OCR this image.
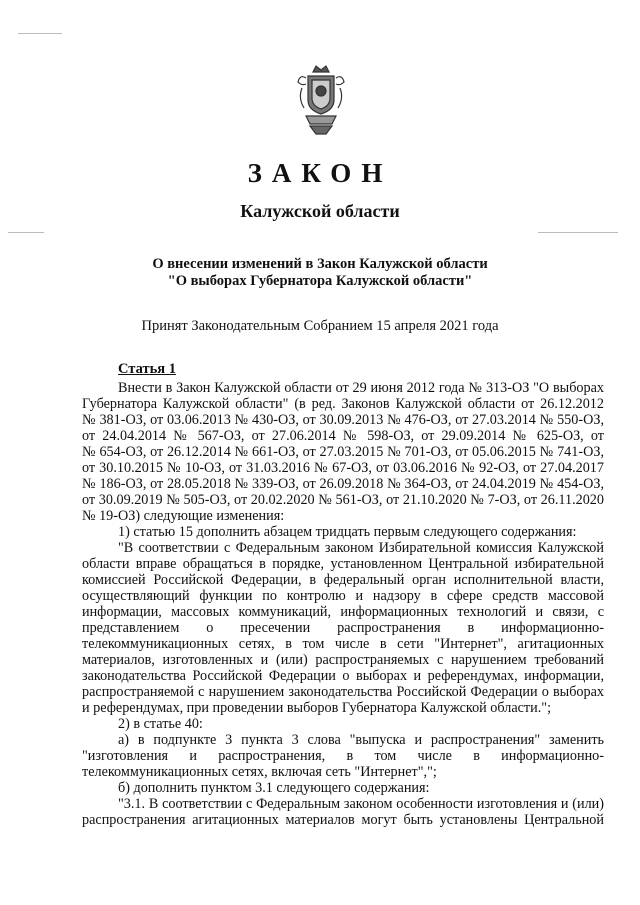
ЗАКОН
Калужской области
О внесении изменений в Закон Калужской области
"О выборах Губернатора Калужской области"
Принят Законодательным Собранием 15 апреля 2021 года
Статья 1
Внести в Закон Калужской области от 29 июня 2012 года № 313-ОЗ "О выборах
Губернатора Калужской области" (в ред. Законов Калужской области от 26.12.2012
№ 381-ОЗ, от 03.06.2013 № 430-ОЗ, от 30.09.2013 № 476-ОЗ, от 27.03.2014 № 550-ОЗ,
от 24.04.2014 № 567-ОЗ, от 27.06.2014 № 598-ОЗ, от 29.09.2014 № 625-ОЗ, от
№ 654-ОЗ, от 26.12.2014 № 661-ОЗ, от 27.03.2015 № 701-ОЗ, от 05.06.2015 № 741-ОЗ,
от 30.10.2015 № 10-ОЗ, от 31.03.2016 № 67-ОЗ, от 03.06.2016 № 92-ОЗ, от 27.04.2017
№ 186-ОЗ, от 28.05.2018 № 339-ОЗ, от 26.09.2018 № 364-ОЗ, от 24.04.2019 № 454-ОЗ,
от 30.09.2019 № 505-ОЗ, от 20.02.2020 № 561-ОЗ, от 21.10.2020 № 7-ОЗ, от 26.11.2020
№ 19-ОЗ) следующие изменения:
1) статью 15 дополнить абзацем тридцать первым следующего содержания:
"В соответствии с Федеральным законом Избирательной комиссия Калужской
области вправе обращаться в порядке, установленном Центральной избирательной
комиссией Российской Федерации, в федеральный орган исполнительной власти,
осуществляющий функции по контролю и надзору в сфере средств массовой
информации, массовых коммуникаций, информационных технологий и связи, с
представлением о пресечении распространения в информационно-
телекоммуникационных сетях, в том числе в сети "Интернет", агитационных
материалов, изготовленных и (или) распространяемых с нарушением требований
законодательства Российской Федерации о выборах и референдумах, информации,
распространяемой с нарушением законодательства Российской Федерации о выборах
и референдумах, при проведении выборов Губернатора Калужской области.";
2) в статье 40:
а) в подпункте 3 пункта 3 слова "выпуска и распространения" заменить
"изготовления и распространения, в том числе в информационно-
телекоммуникационных сетях, включая сеть "Интернет",";
б) дополнить пунктом 3.1 следующего содержания:
"3.1. В соответствии с Федеральным законом особенности изготовления и (или)
распространения агитационных материалов могут быть установлены Центральной
